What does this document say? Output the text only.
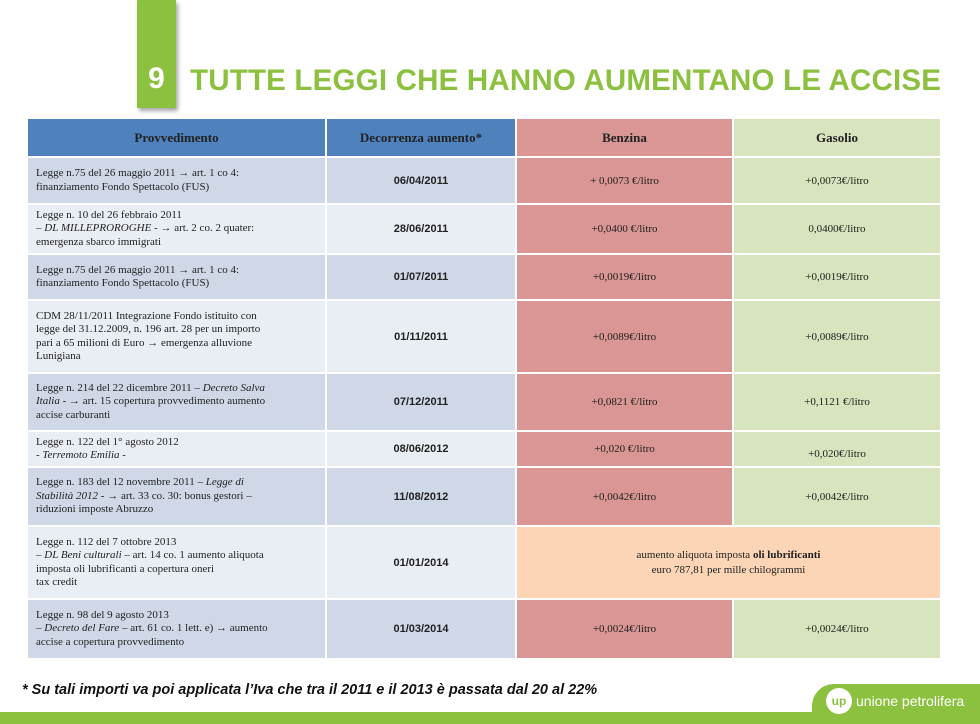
9 TUTTE LEGGI CHE HANNO AUMENTANO LE ACCISE
Provvedimento	Decorrenza aumento*	Benzina	Gasolio
Legge n.75 del 26 maggio 2011 → art. 1 co 4:
finanziamento Fondo Spettacolo (FUS)	06/04/2011	+ 0,0073 €/litro	+0,0073€/litro
Legge n. 10 del 26 febbraio 2011
– DL MILLEPROROGHE - → art. 2 co. 2 quater:
emergenza sbarco immigrati	28/06/2011	+0,0400 €/litro	0,0400€/litro
Legge n.75 del 26 maggio 2011 → art. 1 co 4:
finanziamento Fondo Spettacolo (FUS)	01/07/2011	+0,0019€/litro	+0,0019€/litro
CDM 28/11/2011 Integrazione Fondo istituito con
legge del 31.12.2009, n. 196 art. 28 per un importo
pari a 65 milioni di Euro → emergenza alluvione
Lunigiana	01/11/2011	+0,0089€/litro	+0,0089€/litro
Legge n. 214 del 22 dicembre 2011 – Decreto Salva
Italia - → art. 15 copertura provvedimento aumento
accise carburanti	07/12/2011	+0,0821 €/litro	+0,1121 €/litro
Legge n. 122 del 1° agosto 2012
- Terremoto Emilia -	08/06/2012	+0,020 €/litro	+0,020€/litro
Legge n. 183 del 12 novembre 2011 – Legge di
Stabilità 2012 - → art. 33 co. 30: bonus gestori –
riduzioni imposte Abruzzo	11/08/2012	+0,0042€/litro	+0,0042€/litro
Legge n. 112 del 7 ottobre 2013
– DL Beni culturali – art. 14 co. 1 aumento aliquota
imposta oli lubrificanti a copertura oneri
tax credit	01/01/2014	aumento aliquota imposta oli lubrificanti
euro 787,81 per mille chilogrammi	
Legge n. 98 del 9 agosto 2013
– Decreto del Fare – art. 61 co. 1 lett. e) → aumento
accise a copertura provvedimento	01/03/2014	+0,0024€/litro	+0,0024€/litro
* Su tali importi va poi applicata l’Iva che tra il 2011 e il 2013 è passata dal 20 al 22%
up unione petrolifera
